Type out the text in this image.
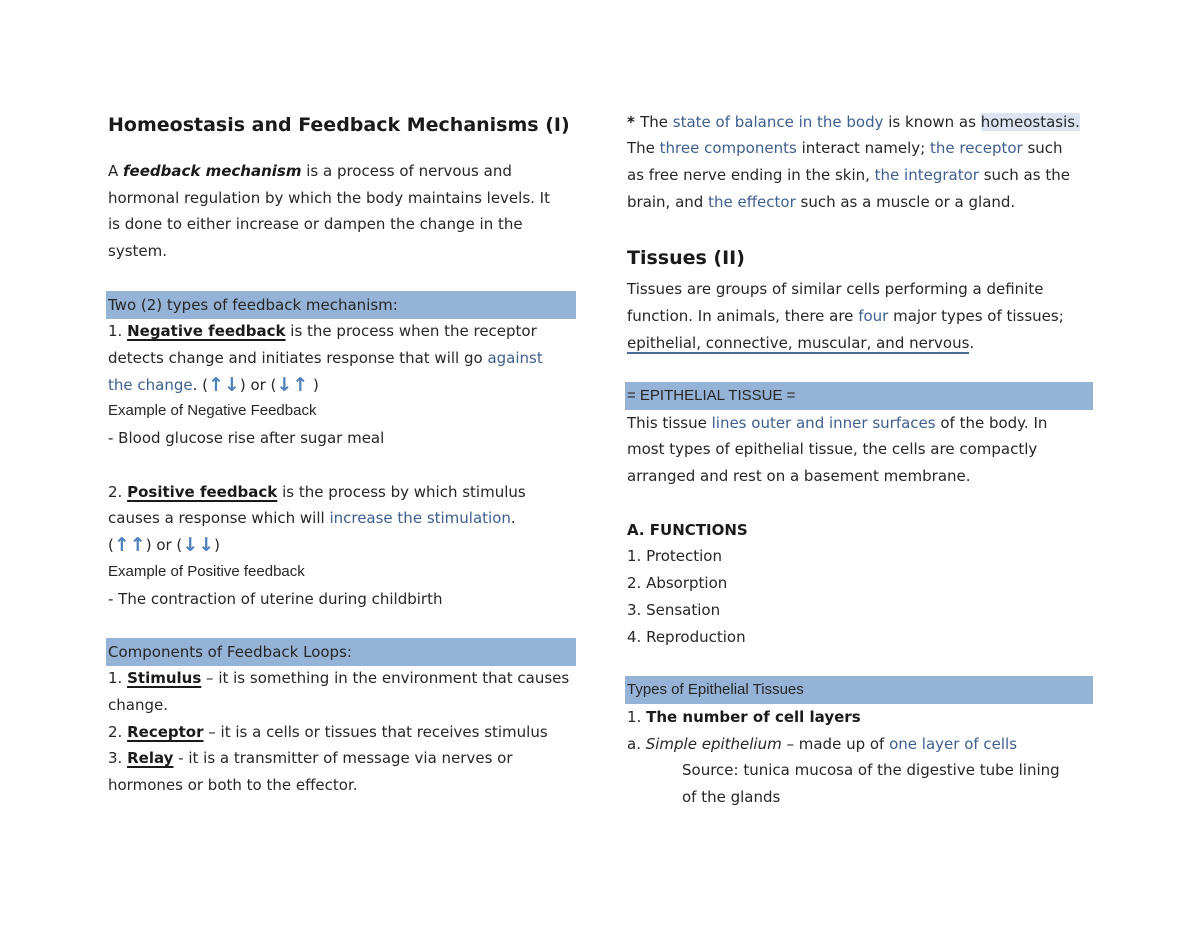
Homeostasis and Feedback Mechanisms (I)
A feedback mechanism is a process of nervous and
hormonal regulation by which the body maintains levels. It
is done to either increase or dampen the change in the
system.
Two (2) types of feedback mechanism:
1. Negative feedback is the process when the receptor
detects change and initiates response that will go against
the change. (↑↓) or (↓↑ )
Example of Negative Feedback
- Blood glucose rise after sugar meal
2. Positive feedback is the process by which stimulus
causes a response which will increase the stimulation.
(↑↑) or (↓↓)
Example of Positive feedback
- The contraction of uterine during childbirth
Components of Feedback Loops:
1. Stimulus – it is something in the environment that causes
change.
2. Receptor – it is a cells or tissues that receives stimulus
3. Relay - it is a transmitter of message via nerves or
hormones or both to the effector.
* The state of balance in the body is known as homeostasis.
The three components interact namely; the receptor such
as free nerve ending in the skin, the integrator such as the
brain, and the effector such as a muscle or a gland.
Tissues (II)
Tissues are groups of similar cells performing a definite
function. In animals, there are four major types of tissues;
epithelial, connective, muscular, and nervous.
= EPITHELIAL TISSUE =
This tissue lines outer and inner surfaces of the body. In
most types of epithelial tissue, the cells are compactly
arranged and rest on a basement membrane.
A. FUNCTIONS
1. Protection
2. Absorption
3. Sensation
4. Reproduction
Types of Epithelial Tissues
1. The number of cell layers
a. Simple epithelium – made up of one layer of cells
Source: tunica mucosa of the digestive tube lining
of the glands
